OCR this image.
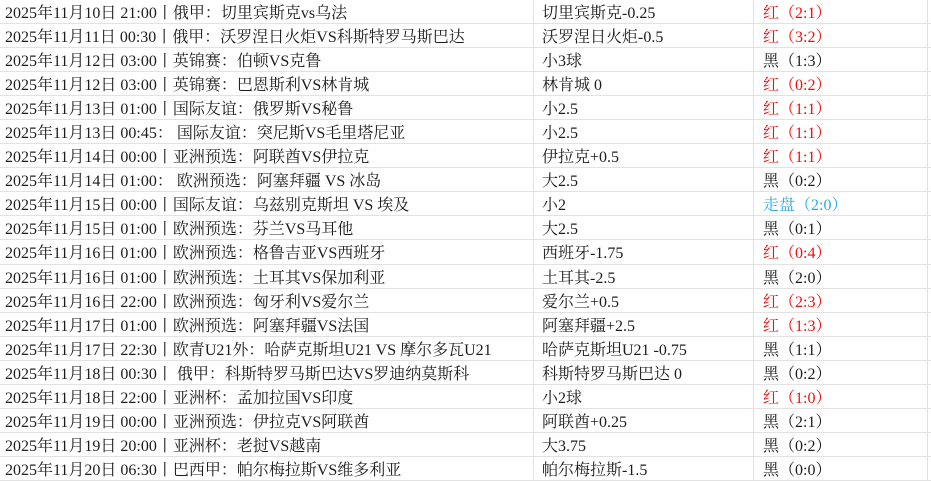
2025年11月10日 21:00丨俄甲：切里宾斯克vs乌法	切里宾斯克-0.25	红（2:1）
2025年11月11日 00:30丨俄甲：沃罗涅日火炬VS科斯特罗马斯巴达	沃罗涅日火炬-0.5	红（3:2）
2025年11月12日 03:00丨英锦赛：伯顿VS克鲁	小3球	黑（1:3）
2025年11月12日 03:00丨英锦赛：巴恩斯利VS林肯城	林肯城 0	红（0:2）
2025年11月13日 01:00丨国际友谊：俄罗斯VS秘鲁	小2.5	红（1:1）
2025年11月13日 00:45： 国际友谊：突尼斯VS毛里塔尼亚	小2.5	红（1:1）
2025年11月14日 00:00丨亚洲预选：阿联酋VS伊拉克	伊拉克+0.5	红（1:1）
2025年11月14日 01:00： 欧洲预选：阿塞拜疆 VS 冰岛	大2.5	黑（0:2）
2025年11月15日 00:00丨国际友谊：乌兹别克斯坦 VS 埃及	小2	走盘（2:0）
2025年11月15日 01:00丨欧洲预选：芬兰VS马耳他	大2.5	黑（0:1）
2025年11月16日 01:00丨欧洲预选：格鲁吉亚VS西班牙	西班牙-1.75	红（0:4）
2025年11月16日 01:00丨欧洲预选：土耳其VS保加利亚	土耳其-2.5	黑（2:0）
2025年11月16日 22:00丨欧洲预选：匈牙利VS爱尔兰	爱尔兰+0.5	红（2:3）
2025年11月17日 01:00丨欧洲预选：阿塞拜疆VS法国	阿塞拜疆+2.5	红（1:3）
2025年11月17日 22:30丨欧青U21外：哈萨克斯坦U21 VS 摩尔多瓦U21	哈萨克斯坦U21 -0.75	黑（1:1）
2025年11月18日 00:30丨 俄甲：科斯特罗马斯巴达VS罗迪纳莫斯科	科斯特罗马斯巴达 0	黑（0:2）
2025年11月18日 22:00丨亚洲杯：孟加拉国VS印度	小2球	红（1:0）
2025年11月19日 00:00丨亚洲预选：伊拉克VS阿联酋	阿联酋+0.25	黑（2:1）
2025年11月19日 20:00丨亚洲杯：老挝VS越南	大3.75	黑（0:2）
2025年11月20日 06:30丨巴西甲：帕尔梅拉斯VS维多利亚	帕尔梅拉斯-1.5	黑（0:0）
